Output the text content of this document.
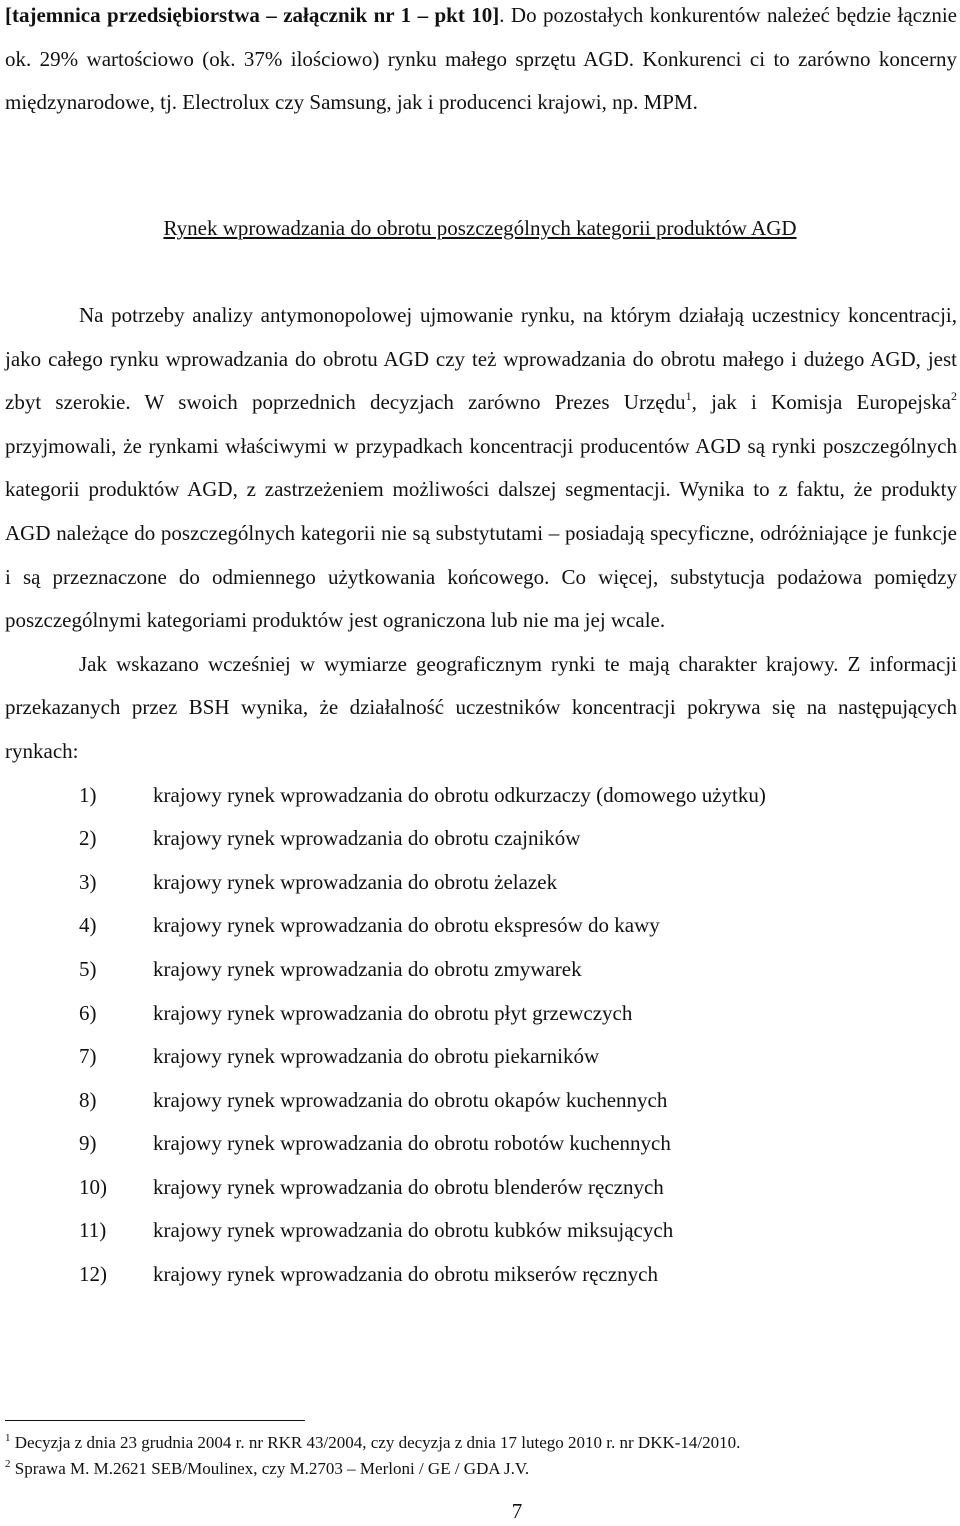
[tajemnica przedsiębiorstwa – załącznik nr 1 – pkt 10]. Do pozostałych konkurentów należeć będzie łącznie ok. 29% wartościowo (ok. 37% ilościowo) rynku małego sprzętu AGD. Konkurenci ci to zarówno koncerny międzynarodowe, tj. Electrolux czy Samsung, jak i producenci krajowi, np. MPM.
Rynek wprowadzania do obrotu poszczególnych kategorii produktów AGD

Na potrzeby analizy antymonopolowej ujmowanie rynku, na którym działają uczestnicy koncentracji, jako całego rynku wprowadzania do obrotu AGD czy też wprowadzania do obrotu małego i dużego AGD, jest zbyt szerokie. W swoich poprzednich decyzjach zarówno Prezes Urzędu$^1$, jak i Komisja Europejska$^2$ przyjmowali, że rynkami właściwymi w przypadkach koncentracji producentów AGD są rynki poszczególnych kategorii produktów AGD, z zastrzeżeniem możliwości dalszej segmentacji. Wynika to z faktu, że produkty AGD należące do poszczególnych kategorii nie są substytutami – posiadają specyficzne, odróżniające je funkcje i są przeznaczone do odmiennego użytkowania końcowego. Co więcej, substytucja podażowa pomiędzy poszczególnymi kategoriami produktów jest ograniczona lub nie ma jej wcale.

Jak wskazano wcześniej w wymiarze geograficznym rynki te mają charakter krajowy. Z informacji przekazanych przez BSH wynika, że działalność uczestników koncentracji pokrywa się na następujących rynkach:

1)	krajowy rynek wprowadzania do obrotu odkurzaczy (domowego użytku)
2)	krajowy rynek wprowadzania do obrotu czajników
3)	krajowy rynek wprowadzania do obrotu żelazek
4)	krajowy rynek wprowadzania do obrotu ekspresów do kawy
5)	krajowy rynek wprowadzania do obrotu zmywarek
6)	krajowy rynek wprowadzania do obrotu płyt grzewczych
7)	krajowy rynek wprowadzania do obrotu piekarników
8)	krajowy rynek wprowadzania do obrotu okapów kuchennych
9)	krajowy rynek wprowadzania do obrotu robotów kuchennych
10) krajowy rynek wprowadzania do obrotu blenderów ręcznych
11) krajowy rynek wprowadzania do obrotu kubków miksujących
12) krajowy rynek wprowadzania do obrotu mikserów ręcznych

$^1$ Decyzja z dnia 23 grudnia 2004 r. nr RKR 43/2004, czy decyzja z dnia 17 lutego 2010 r. nr DKK-14/2010.

$^2$ Sprawa M. M.2621 SEB/Moulinex, czy M.2703 – Merloni / GE / GDA J.V.

7
